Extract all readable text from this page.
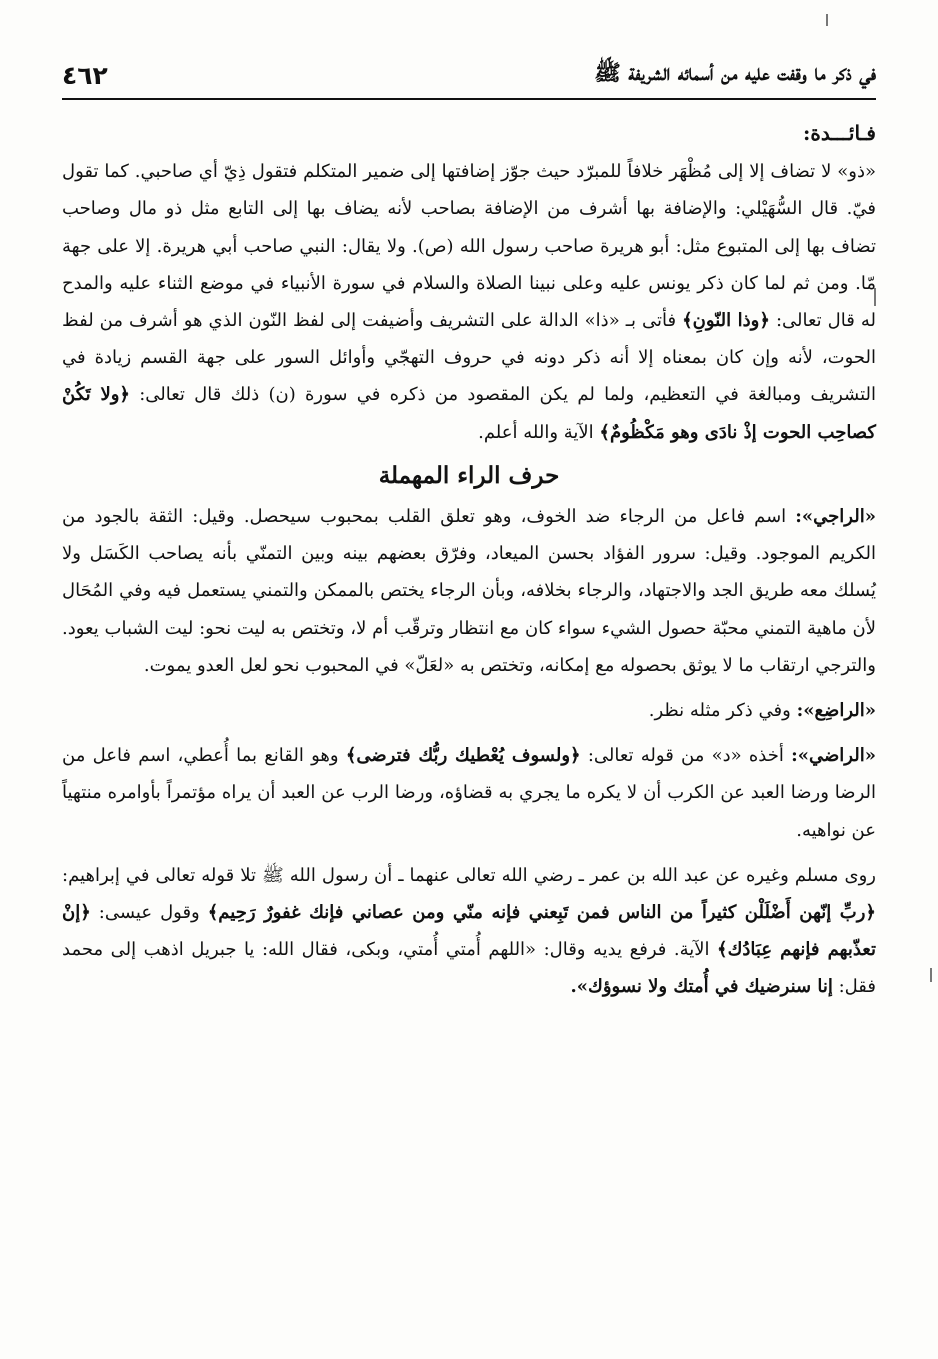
في ذكر ما وقفت عليه من أسمائه الشريفة ﷺ
٤٦٢

فـائـــدة:

«ذو» لا تضاف إلا إلى مُظْهَر خلافاً للمبرّد حيث جوّز إضافتها إلى ضمير المتكلم فتقول ذِيّ أي صاحبي. كما تقول فيّ. قال السُّهَيْلي: والإضافة بها أشرف من الإضافة بصاحب لأنه يضاف بها إلى التابع مثل ذو مال وصاحب تضاف بها إلى المتبوع مثل: أبو هريرة صاحب رسول الله (ص). ولا يقال: النبي صاحب أبي هريرة. إلا على جهة مّا. ومن ثم لما كان ذكر يونس عليه وعلى نبينا الصلاة والسلام في سورة الأنبياء في موضع الثناء عليه والمدح له قال تعالى: ﴿وذا النّونِ﴾ فأتى بـ «ذا» الدالة على التشريف وأضيفت إلى لفظ النّون الذي هو أشرف من لفظ الحوت، لأنه وإن كان بمعناه إلا أنه ذكر دونه في حروف التهجّي وأوائل السور على جهة القسم زيادة في التشريف ومبالغة في التعظيم، ولما لم يكن المقصود من ذكره في سورة (ن) ذلك قال تعالى: ﴿ولا تَكُنْ كصاحِب الحوت إذْ نادَى وهو مَكْظُومٌ﴾ الآية والله أعلم.

حرف الراء المهملة

«الراجي»: اسم فاعل من الرجاء ضد الخوف، وهو تعلق القلب بمحبوب سيحصل. وقيل: الثقة بالجود من الكريم الموجود. وقيل: سرور الفؤاد بحسن الميعاد، وفرّق بعضهم بينه وبين التمنّي بأنه يصاحب الكَسَل ولا يُسلك معه طريق الجد والاجتهاد، والرجاء بخلافه، وبأن الرجاء يختص بالممكن والتمني يستعمل فيه وفي المُحَال لأن ماهية التمني محبّة حصول الشيء سواء كان مع انتظار وترقّب أم لا، وتختص به ليت نحو: ليت الشباب يعود. والترجي ارتقاب ما لا يوثق بحصوله مع إمكانه، وتختص به «لعَلّ» في المحبوب نحو لعل العدو يموت.

«الراضِع»: وفي ذكر مثله نظر.

«الراضي»: أخذه «د» من قوله تعالى: ﴿ولسوف يُعْطيك ربُّك فترضى﴾ وهو القانع بما أُعطي، اسم فاعل من الرضا ورضا العبد عن الكرب أن لا يكره ما يجري به قضاؤه، ورضا الرب عن العبد أن يراه مؤتمراً بأوامره منتهياً عن نواهيه.

روى مسلم وغيره عن عبد الله بن عمر ـ رضي الله تعالى عنهما ـ أن رسول الله ﷺ تلا قوله تعالى في إبراهيم: ﴿ربِّ إنّهن أَضْلَلْن كثيراً من الناس فمن تَبِعني فإنه منّي ومن عصاني فإنك غفورٌ رَحِيم﴾ وقول عيسى: ﴿إنْ تعذّبهم فإنهم عِبَادُك﴾ الآية. فرفع يديه وقال: «اللهم أُمتي أُمتي، وبكى، فقال الله: يا جبريل اذهب إلى محمد فقل: إنا سنرضيك في أُمتك ولا نسوؤك».
